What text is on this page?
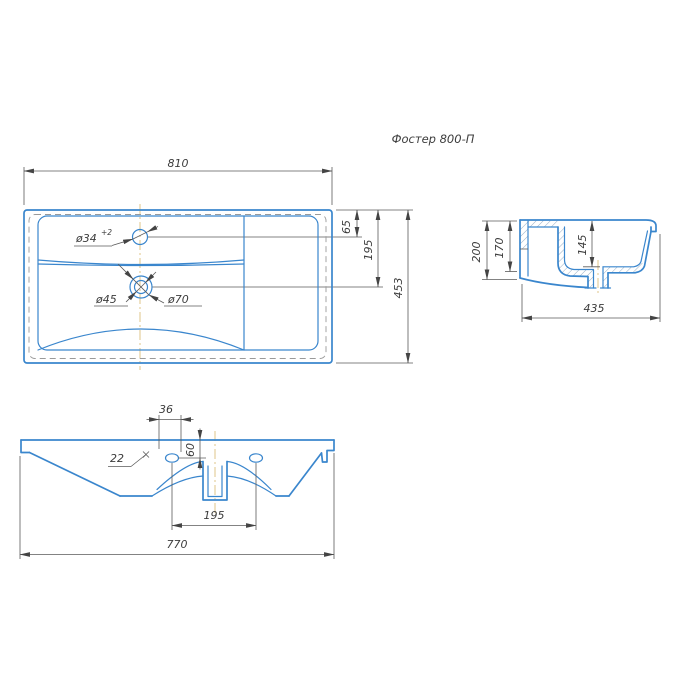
Фостер 800-П
ø34 +2
ø45	ø70
810
65
195
453
200 170	145
435
36
60
22
195
770
